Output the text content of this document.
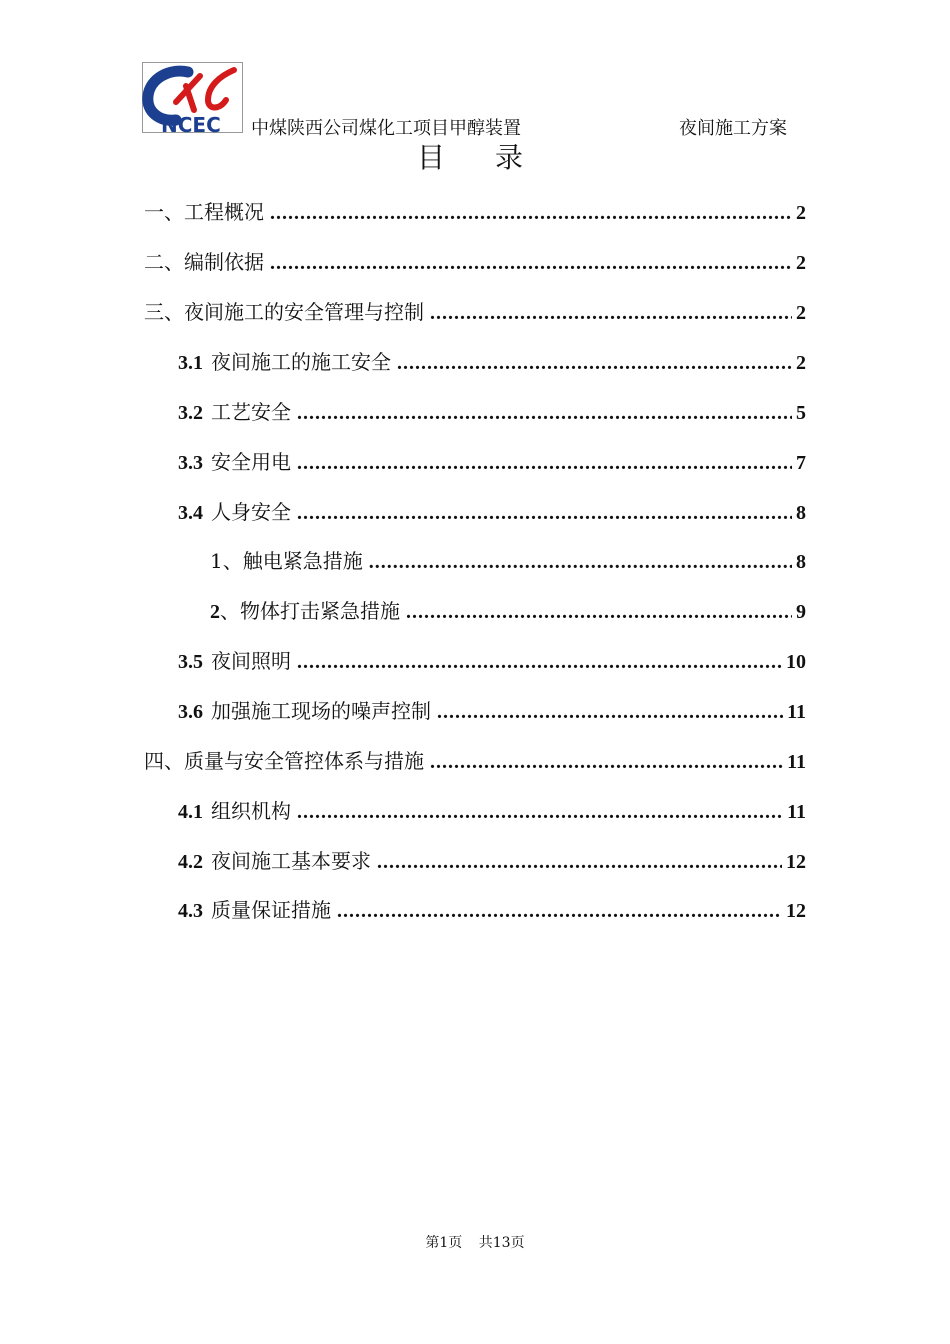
NCEC 中煤陕西公司煤化工项目甲醇装置	夜间施工方案
目录
一、工程概况 .....	2
二、编制依据 .....	2
三、夜间施工的安全管理与控制 .....	2
3.1 夜间施工的施工安全 .....	2
3.2 工艺安全 .....	5
3.3 安全用电 .....	7
3.4 人身安全 .....	8
1、触电紧急措施 .....	8
2 、物体打击紧急措施 .....	9
3.5 夜间照明 .....	10
3.6 加强施工现场的噪声控制 .....	11
四、质量与安全管控体系与措施 .....	11
4.1 组织机构 .....	11
4.2 夜间施工基本要求 .....	12
4.3 质量保证措施 .....	12
第1页 共13页
